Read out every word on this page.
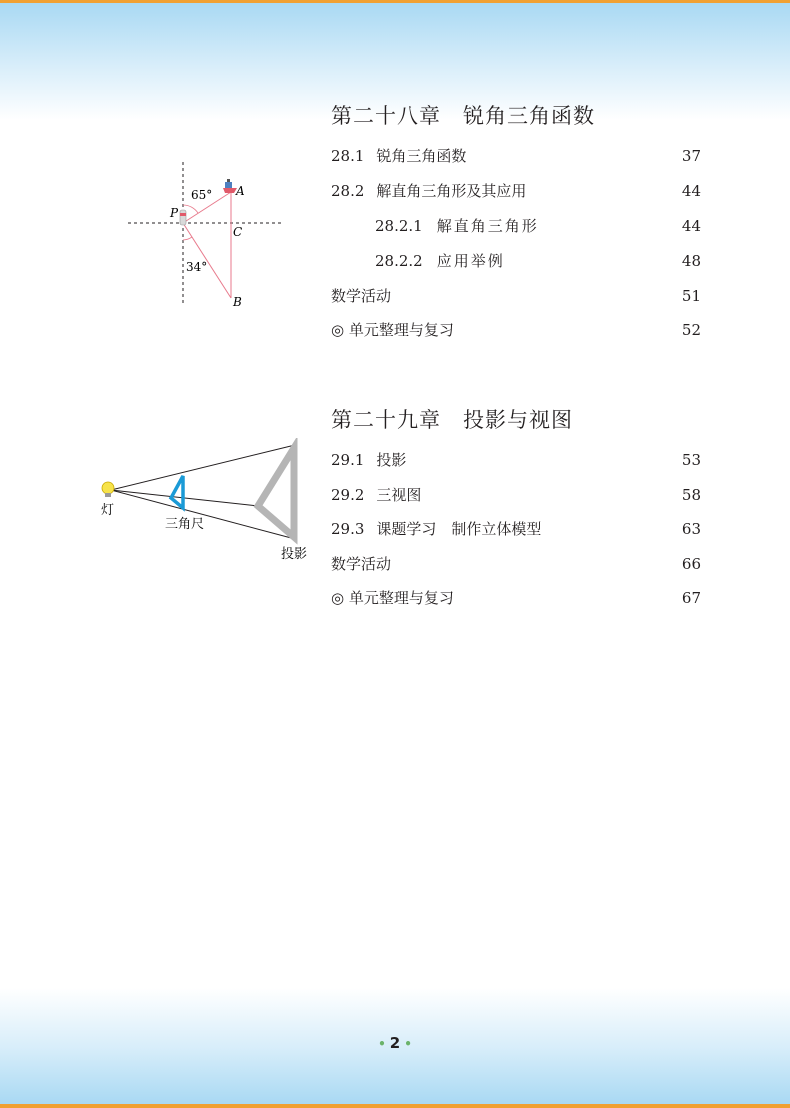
第二十八章　锐角三角函数
28.1 锐角三角函数	37
28.2 解直角三角形及其应用	44
28.2.1 解直角三角形	44
28.2.2 应用举例	48
数学活动	51
◎ 单元整理与复习	52
65°
34°
A
B
C
P
第二十九章　投影与视图
29.1 投影	53
29.2 三视图	58
29.3 课题学习　制作立体模型	63
数学活动	66
◎ 单元整理与复习	67
灯
三角尺
投影
• 2 •
